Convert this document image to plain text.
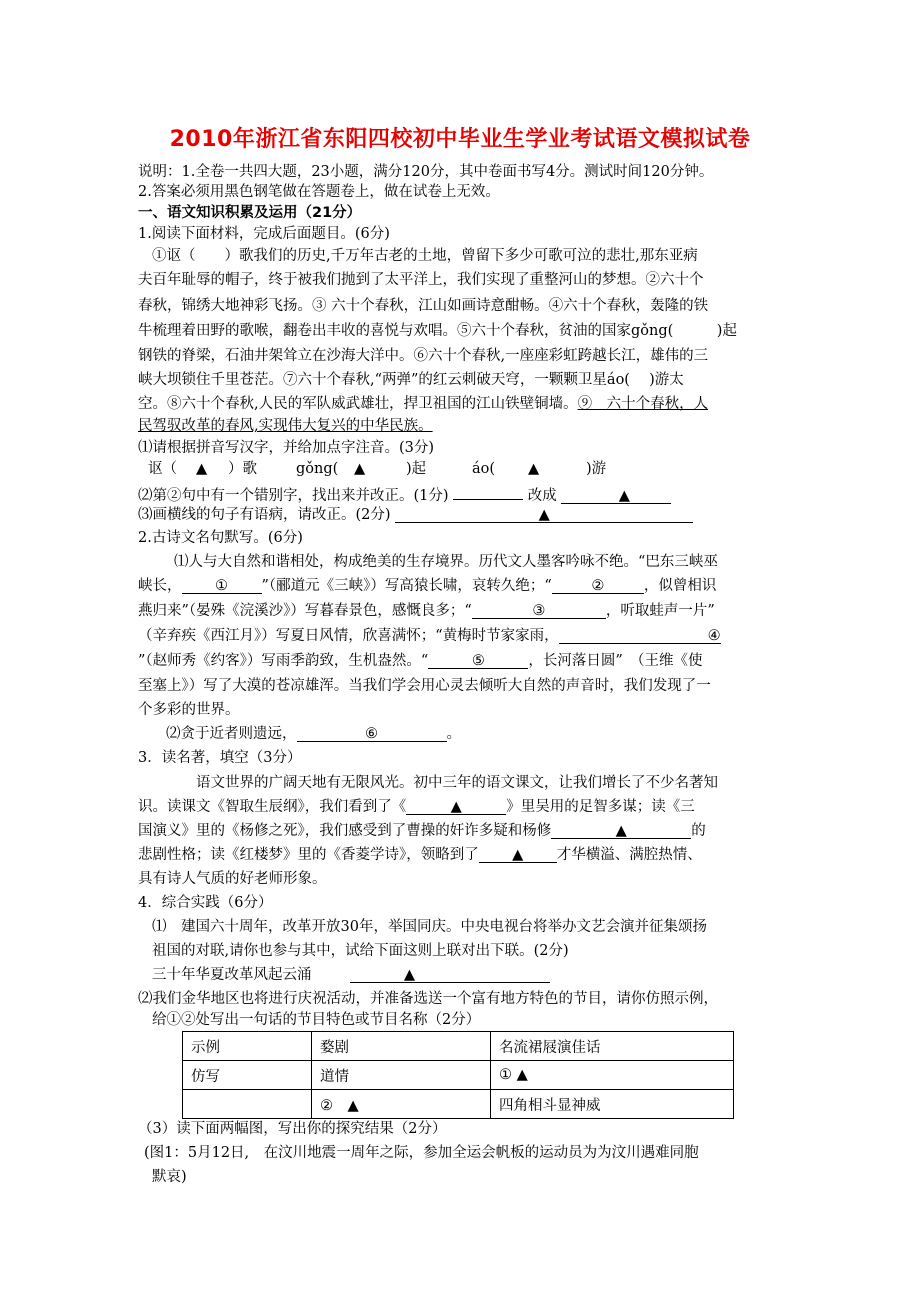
2010年浙江省东阳四校初中毕业生学业考试语文模拟试卷
说明：1.全卷一共四大题，23小题，满分120分，其中卷面书写4分。测试时间120分钟。
2.答案必须用黑色钢笔做在答题卷上，做在试卷上无效。
一、语文知识积累及运用（21分）
1.阅读下面材料，完成后面题目。(6分)
①讴（　　）歌我们的历史,千万年古老的土地，曾留下多少可歌可泣的悲壮,那东亚病
夫百年耻辱的帽子，终于被我们抛到了太平洋上，我们实现了重整河山的梦想。②六十个
春秋，锦绣大地神彩飞扬。③ 六十个春秋，江山如画诗意酣畅。④六十个春秋，轰隆的铁
牛梳理着田野的歌喉，翻卷出丰收的喜悦与欢唱。⑤六十个春秋，贫油的国家gǒng(　　　)起
钢铁的脊梁，石油井架耸立在沙海大洋中。⑥六十个春秋,一座座彩虹跨越长江，雄伟的三
峡大坝锁住千里苍茫。⑦六十个春秋,“两弹”的红云刺破天穹，一颗颗卫星áo(　 )游太
空。⑧六十个春秋,人民的军队威武雄壮，捍卫祖国的江山铁壁铜墙。⑨　六十个春秋，人
民驾驭改革的春风,实现伟大复兴的中华民族。
⑴请根据拼音写汉字，并给加点字注音。(3分)
讴（ ▲ ）歌	gǒng( ▲	)起	áo( ▲	)游
⑵第②句中有一个错别字，找出来并改正。(1分)	改成	▲
⑶画横线的句子有语病，请改正。(2分)	▲
2.古诗文名句默写。(6分)
⑴人与大自然和谐相处，构成绝美的生存境界。历代文人墨客吟咏不绝。“巴东三峡巫
峡长， ① ”（郦道元《三峡》）写高猿长啸，哀转久绝；“	②	，似曾相识
燕归来”（晏殊《浣溪沙》）写暮春景色，感慨良多；“	③	，听取蛙声一片”
（辛弃疾《西江月》）写夏日风情，欣喜满怀；“黄梅时节家家雨，	④
”（赵师秀《约客》）写雨季韵致，生机盎然。“	⑤	，长河落日圆”　（王维《使
至塞上》）写了大漠的苍凉雄浑。当我们学会用心灵去倾听大自然的声音时，我们发现了一
个多彩的世界。
⑵贪于近者则遗远，	⑥	。
3．读名著，填空（3分）
语文世界的广阔天地有无限风光。初中三年的语文课文，让我们增长了不少名著知
识。读课文《智取生辰纲》，我们看到了《	▲	》里吴用的足智多谋；读《三
国演义》里的《杨修之死》，我们感受到了曹操的奸诈多疑和杨修	▲	的
悲剧性格；读《红楼梦》里的《香菱学诗》，领略到了 ▲ 才华横溢、满腔热情、
具有诗人气质的好老师形象。
4．综合实践（6分）
⑴　建国六十周年，改革开放30年，举国同庆。中央电视台将举办文艺会演并征集颂扬
祖国的对联,请你也参与其中，试给下面这则上联对出下联。(2分)
三十年华夏改革风起云涌	▲
⑵我们金华地区也将进行庆祝活动，并准备选送一个富有地方特色的节目，请你仿照示例，
给①②处写出一句话的节目特色或节目名称（2分）
示例	婺剧	名流裙屐演佳话
仿写	道情	① ▲
	②　▲	四角相斗显神威
（3）读下面两幅图，写出你的探究结果（2分）
(图1：5月12日,　在汶川地震一周年之际，参加全运会帆板的运动员为为汶川遇难同胞
默哀)
